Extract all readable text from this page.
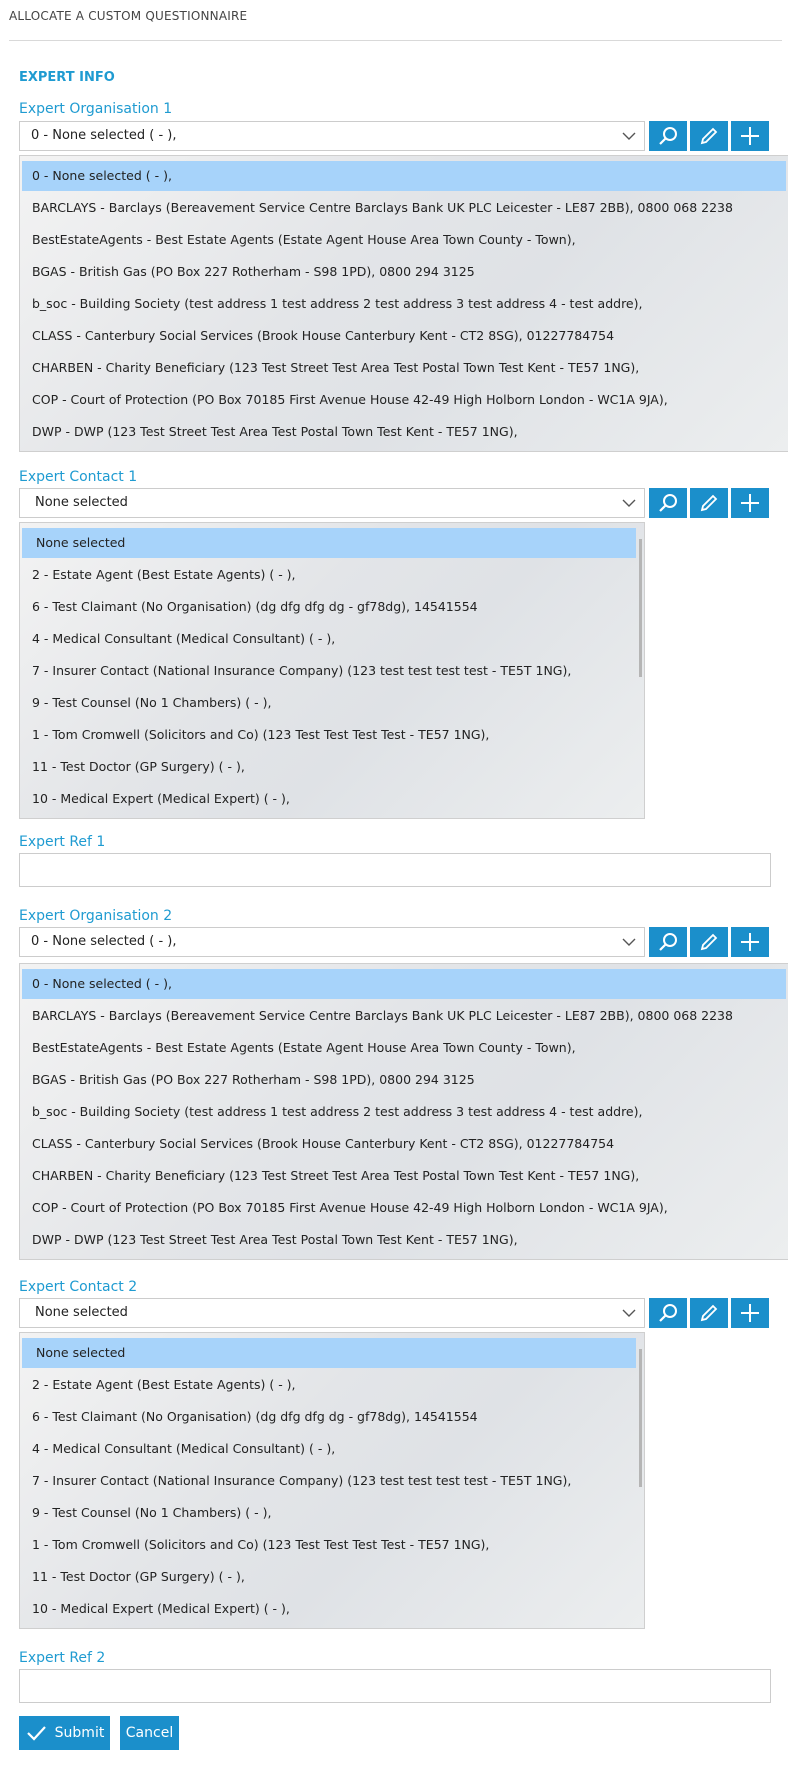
ALLOCATE A CUSTOM QUESTIONNAIRE
EXPERT INFO
Expert Organisation 1
0 - None selected ( - ),
0 - None selected ( - ),
BARCLAYS - Barclays (Bereavement Service Centre Barclays Bank UK PLC Leicester - LE87 2BB), 0800 068 2238
BestEstateAgents - Best Estate Agents (Estate Agent House Area Town County - Town),
BGAS - British Gas (PO Box 227 Rotherham - S98 1PD), 0800 294 3125
b_soc - Building Society (test address 1 test address 2 test address 3 test address 4 - test addre),
CLASS - Canterbury Social Services (Brook House Canterbury Kent - CT2 8SG), 01227784754
CHARBEN - Charity Beneficiary (123 Test Street Test Area Test Postal Town Test Kent - TE57 1NG),
COP - Court of Protection (PO Box 70185 First Avenue House 42-49 High Holborn London - WC1A 9JA),
DWP - DWP (123 Test Street Test Area Test Postal Town Test Kent - TE57 1NG),
Expert Contact 1
None selected
None selected
2 - Estate Agent (Best Estate Agents) ( - ),
6 - Test Claimant (No Organisation) (dg dfg dfg dg - gf78dg), 14541554
4 - Medical Consultant (Medical Consultant) ( - ),
7 - Insurer Contact (National Insurance Company) (123 test test test test - TE5T 1NG),
9 - Test Counsel (No 1 Chambers) ( - ),
1 - Tom Cromwell (Solicitors and Co) (123 Test Test Test Test - TE57 1NG),
11 - Test Doctor (GP Surgery) ( - ),
10 - Medical Expert (Medical Expert) ( - ),
Expert Ref 1
Expert Organisation 2
0 - None selected ( - ),
0 - None selected ( - ),
BARCLAYS - Barclays (Bereavement Service Centre Barclays Bank UK PLC Leicester - LE87 2BB), 0800 068 2238
BestEstateAgents - Best Estate Agents (Estate Agent House Area Town County - Town),
BGAS - British Gas (PO Box 227 Rotherham - S98 1PD), 0800 294 3125
b_soc - Building Society (test address 1 test address 2 test address 3 test address 4 - test addre),
CLASS - Canterbury Social Services (Brook House Canterbury Kent - CT2 8SG), 01227784754
CHARBEN - Charity Beneficiary (123 Test Street Test Area Test Postal Town Test Kent - TE57 1NG),
COP - Court of Protection (PO Box 70185 First Avenue House 42-49 High Holborn London - WC1A 9JA),
DWP - DWP (123 Test Street Test Area Test Postal Town Test Kent - TE57 1NG),
Expert Contact 2
None selected
None selected
2 - Estate Agent (Best Estate Agents) ( - ),
6 - Test Claimant (No Organisation) (dg dfg dfg dg - gf78dg), 14541554
4 - Medical Consultant (Medical Consultant) ( - ),
7 - Insurer Contact (National Insurance Company) (123 test test test test - TE5T 1NG),
9 - Test Counsel (No 1 Chambers) ( - ),
1 - Tom Cromwell (Solicitors and Co) (123 Test Test Test Test - TE57 1NG),
11 - Test Doctor (GP Surgery) ( - ),
10 - Medical Expert (Medical Expert) ( - ),
Expert Ref 2
Submit Cancel
